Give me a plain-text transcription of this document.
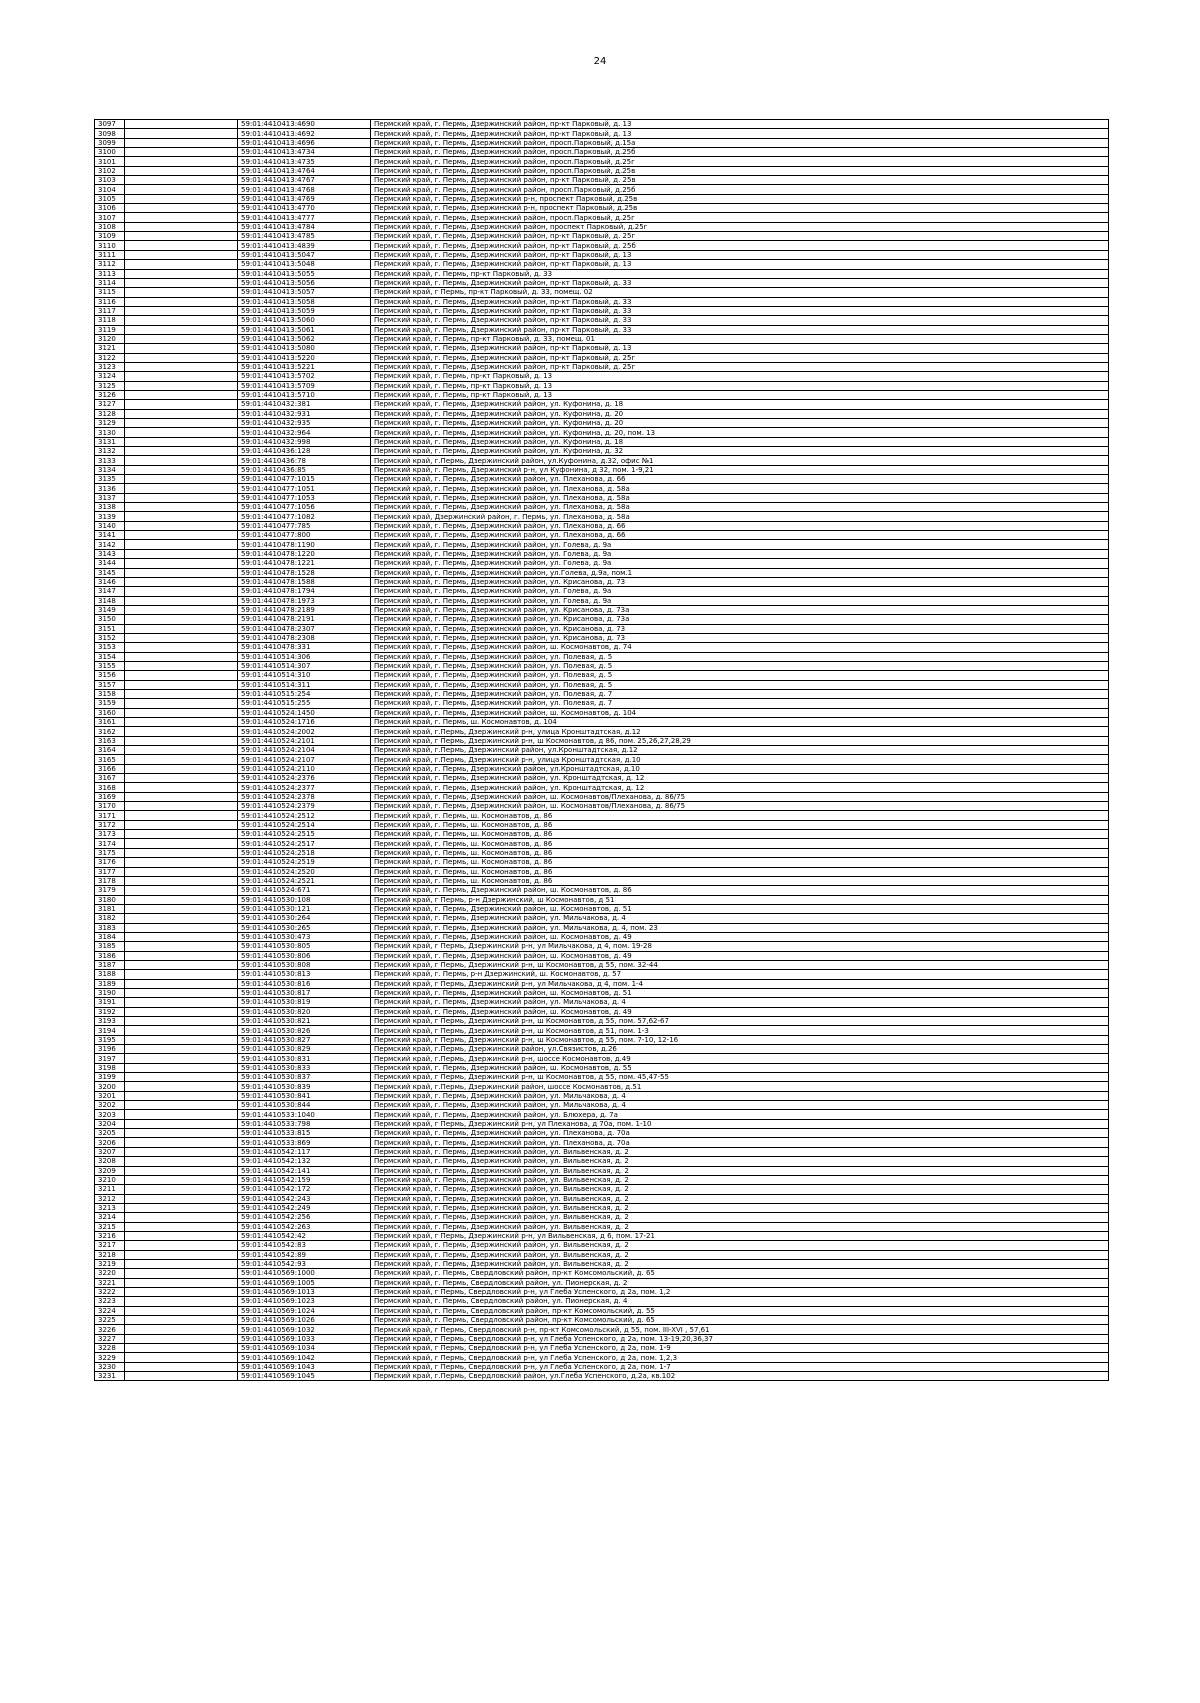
24
3097		59:01:4410413:4690	Пермский край, г. Пермь, Дзержинский район, пр-кт Парковый, д. 13
3098		59:01:4410413:4692	Пермский край, г. Пермь, Дзержинский район, пр-кт Парковый, д. 13
3099		59:01:4410413:4696	Пермский край, г. Пермь, Дзержинский район, просп.Парковый, д.15а
3100		59:01:4410413:4734	Пермский край, г. Пермь, Дзержинский район, просп.Парковый, д.25б
3101		59:01:4410413:4735	Пермский край, г. Пермь, Дзержинский район, просп.Парковый, д.25г
3102		59:01:4410413:4764	Пермский край, г. Пермь, Дзержинский район, просп.Парковый, д.25в
3103		59:01:4410413:4767	Пермский край, г. Пермь, Дзержинский район, пр-кт Парковый, д. 25в
3104		59:01:4410413:4768	Пермский край, г. Пермь, Дзержинский район, просп.Парковый, д.25б
3105		59:01:4410413:4769	Пермский край, г. Пермь, Дзержинский р-н, проспект Парковый, д.25в
3106		59:01:4410413:4770	Пермский край, г. Пермь, Дзержинский р-н, проспект Парковый, д.25в
3107		59:01:4410413:4777	Пермский край, г. Пермь, Дзержинский район, просп.Парковый, д.25г
3108		59:01:4410413:4784	Пермский край, г. Пермь, Дзержинский район, проспект Парковый, д.25г
3109		59:01:4410413:4785	Пермский край, г. Пермь, Дзержинский район, пр-кт Парковый, д. 25г
3110		59:01:4410413:4839	Пермский край, г. Пермь, Дзержинский район, пр-кт Парковый, д. 25б
3111		59:01:4410413:5047	Пермский край, г. Пермь, Дзержинский район, пр-кт Парковый, д. 13
3112		59:01:4410413:5048	Пермский край, г. Пермь, Дзержинский район, пр-кт Парковый, д. 13
3113		59:01:4410413:5055	Пермский край, г. Пермь, пр-кт Парковый, д. 33
3114		59:01:4410413:5056	Пермский край, г. Пермь, Дзержинский район, пр-кт Парковый, д. 33
3115		59:01:4410413:5057	Пермский край, г Пермь, пр-кт Парковый, д. 33, помещ. 02
3116		59:01:4410413:5058	Пермский край, г. Пермь, Дзержинский район, пр-кт Парковый, д. 33
3117		59:01:4410413:5059	Пермский край, г. Пермь, Дзержинский район, пр-кт Парковый, д. 33
3118		59:01:4410413:5060	Пермский край, г. Пермь, Дзержинский район, пр-кт Парковый, д. 33
3119		59:01:4410413:5061	Пермский край, г. Пермь, Дзержинский район, пр-кт Парковый, д. 33
3120		59:01:4410413:5062	Пермский край, г. Пермь, пр-кт Парковый, д. 33, помещ. 01
3121		59:01:4410413:5080	Пермский край, г. Пермь, Дзержинский район, пр-кт Парковый, д. 13
3122		59:01:4410413:5220	Пермский край, г. Пермь, Дзержинский район, пр-кт Парковый, д. 25г
3123		59:01:4410413:5221	Пермский край, г. Пермь, Дзержинский район, пр-кт Парковый, д. 25г
3124		59:01:4410413:5702	Пермский край, г. Пермь, пр-кт Парковый, д. 13
3125		59:01:4410413:5709	Пермский край, г. Пермь, пр-кт Парковый, д. 13
3126		59:01:4410413:5710	Пермский край, г. Пермь, пр-кт Парковый, д. 13
3127		59:01:4410432:381	Пермский край, г. Пермь, Дзержинский район, ул. Куфонина, д. 18
3128		59:01:4410432:931	Пермский край, г. Пермь, Дзержинский район, ул. Куфонина, д. 20
3129		59:01:4410432:935	Пермский край, г. Пермь, Дзержинский район, ул. Куфонина, д. 20
3130		59:01:4410432:964	Пермский край, г. Пермь, Дзержинский район, ул. Куфонина, д. 20, пом. 13
3131		59:01:4410432:998	Пермский край, г. Пермь, Дзержинский район, ул. Куфонина, д. 18
3132		59:01:4410436:128	Пермский край, г. Пермь, Дзержинский район, ул. Куфонина, д. 32
3133		59:01:4410436:78	Пермский край, г.Пермь, Дзержинский район, ул.Куфонина, д.32, офис №1
3134		59:01:4410436:85	Пермский край, г. Пермь, Дзержинский р-н, ул Куфонина, д 32, пом. 1-9,21
3135		59:01:4410477:1015	Пермский край, г. Пермь, Дзержинский район, ул. Плеханова, д. 66
3136		59:01:4410477:1051	Пермский край, г. Пермь, Дзержинский район, ул. Плеханова, д. 58а
3137		59:01:4410477:1053	Пермский край, г. Пермь, Дзержинский район, ул. Плеханова, д. 58а
3138		59:01:4410477:1056	Пермский край, г. Пермь, Дзержинский район, ул. Плеханова, д. 58а
3139		59:01:4410477:1082	Пермский край, Дзержинский район, г. Пермь, ул. Плеханова, д. 58а
3140		59:01:4410477:785	Пермский край, г. Пермь, Дзержинский район, ул. Плеханова, д. 66
3141		59:01:4410477:800	Пермский край, г. Пермь, Дзержинский район, ул. Плеханова, д. 66
3142		59:01:4410478:1190	Пермский край, г. Пермь, Дзержинский район, ул. Голева, д. 9а
3143		59:01:4410478:1220	Пермский край, г. Пермь, Дзержинский район, ул. Голева, д. 9а
3144		59:01:4410478:1221	Пермский край, г. Пермь, Дзержинский район, ул. Голева, д. 9а
3145		59:01:4410478:1528	Пермский край, г. Пермь, Дзержинский район, ул.Голева, д.9а, пом.1
3146		59:01:4410478:1588	Пермский край, г. Пермь, Дзержинский район, ул. Крисанова, д. 73
3147		59:01:4410478:1794	Пермский край, г. Пермь, Дзержинский район, ул. Голева, д. 9а
3148		59:01:4410478:1973	Пермский край, г. Пермь, Дзержинский район, ул. Голева, д. 9а
3149		59:01:4410478:2189	Пермский край, г. Пермь, Дзержинский район, ул. Крисанова, д. 73а
3150		59:01:4410478:2191	Пермский край, г. Пермь, Дзержинский район, ул. Крисанова, д. 73а
3151		59:01:4410478:2307	Пермский край, г. Пермь, Дзержинский район, ул. Крисанова, д. 73
3152		59:01:4410478:2308	Пермский край, г. Пермь, Дзержинский район, ул. Крисанова, д. 73
3153		59:01:4410478:331	Пермский край, г. Пермь, Дзержинский район, ш. Космонавтов, д. 74
3154		59:01:4410514:306	Пермский край, г. Пермь, Дзержинский район, ул. Полевая, д. 5
3155		59:01:4410514:307	Пермский край, г. Пермь, Дзержинский район, ул. Полевая, д. 5
3156		59:01:4410514:310	Пермский край, г. Пермь, Дзержинский район, ул. Полевая, д. 5
3157		59:01:4410514:311	Пермский край, г. Пермь, Дзержинский район, ул. Полевая, д. 5
3158		59:01:4410515:254	Пермский край, г. Пермь, Дзержинский район, ул. Полевая, д. 7
3159		59:01:4410515:255	Пермский край, г. Пермь, Дзержинский район, ул. Полевая, д. 7
3160		59:01:4410524:1450	Пермский край, г. Пермь, Дзержинский район, ш. Космонавтов, д. 104
3161		59:01:4410524:1716	Пермский край, г. Пермь, ш. Космонавтов, д. 104
3162		59:01:4410524:2002	Пермский край, г.Пермь, Дзержинский р-н, улица Кронштадтская, д.12
3163		59:01:4410524:2101	Пермский край, г Пермь, Дзержинский р-н, ш Космонавтов, д 86, пом. 25,26,27,28,29
3164		59:01:4410524:2104	Пермский край, г.Пермь, Дзержинский район, ул.Кронштадтская, д.12
3165		59:01:4410524:2107	Пермский край, г.Пермь, Дзержинский р-н, улица Кронштадтская, д.10
3166		59:01:4410524:2110	Пермский край, г. Пермь, Дзержинский район, ул.Кронштадтская, д.10
3167		59:01:4410524:2376	Пермский край, г. Пермь, Дзержинский район, ул. Кронштадтская, д. 12
3168		59:01:4410524:2377	Пермский край, г. Пермь, Дзержинский район, ул. Кронштадтская, д. 12
3169		59:01:4410524:2378	Пермский край, г. Пермь, Дзержинский район, ш. Космонавтов/Плеханова, д. 86/75
3170		59:01:4410524:2379	Пермский край, г. Пермь, Дзержинский район, ш. Космонавтов/Плеханова, д. 86/75
3171		59:01:4410524:2512	Пермский край, г. Пермь, ш. Космонавтов, д. 86
3172		59:01:4410524:2514	Пермский край, г. Пермь, ш. Космонавтов, д. 86
3173		59:01:4410524:2515	Пермский край, г. Пермь, ш. Космонавтов, д. 86
3174		59:01:4410524:2517	Пермский край, г. Пермь, ш. Космонавтов, д. 86
3175		59:01:4410524:2518	Пермский край, г. Пермь, ш. Космонавтов, д. 86
3176		59:01:4410524:2519	Пермский край, г. Пермь, ш. Космонавтов, д. 86
3177		59:01:4410524:2520	Пермский край, г. Пермь, ш. Космонавтов, д. 86
3178		59:01:4410524:2521	Пермский край, г. Пермь, ш. Космонавтов, д. 86
3179		59:01:4410524:671	Пермский край, г. Пермь, Дзержинский район, ш. Космонавтов, д. 86
3180		59:01:4410530:108	Пермский край, г Пермь, р-н Дзержинский, ш Космонавтов, д 51
3181		59:01:4410530:121	Пермский край, г. Пермь, Дзержинский район, ш. Космонавтов, д. 51
3182		59:01:4410530:264	Пермский край, г. Пермь, Дзержинский район, ул. Мильчакова, д. 4
3183		59:01:4410530:265	Пермский край, г. Пермь, Дзержинский район, ул. Мильчакова, д. 4, пом. 23
3184		59:01:4410530:473	Пермский край, г. Пермь, Дзержинский район, ш. Космонавтов, д. 49
3185		59:01:4410530:805	Пермский край, г Пермь, Дзержинский р-н, ул Мильчакова, д 4, пом. 19-28
3186		59:01:4410530:806	Пермский край, г. Пермь, Дзержинский район, ш. Космонавтов, д. 49
3187		59:01:4410530:808	Пермский край, г Пермь, Дзержинский р-н, ш Космонавтов, д 55, пом. 32-44
3188		59:01:4410530:813	Пермский край, г. Пермь, р-н Дзержинский, ш. Космонавтов, д. 57
3189		59:01:4410530:816	Пермский край, г Пермь, Дзержинский р-н, ул Мильчакова, д 4, пом. 1-4
3190		59:01:4410530:817	Пермский край, г. Пермь, Дзержинский район, ш. Космонавтов, д. 51
3191		59:01:4410530:819	Пермский край, г. Пермь, Дзержинский район, ул. Мильчакова, д. 4
3192		59:01:4410530:820	Пермский край, г. Пермь, Дзержинский район, ш. Космонавтов, д. 49
3193		59:01:4410530:821	Пермский край, г Пермь, Дзержинский р-н, ш Космонавтов, д 55, пом. 57,62-67
3194		59:01:4410530:826	Пермский край, г Пермь, Дзержинский р-н, ш Космонавтов, д 51, пом. 1-3
3195		59:01:4410530:827	Пермский край, г Пермь, Дзержинский р-н, ш Космонавтов, д 55, пом. 7-10, 12-16
3196		59:01:4410530:829	Пермский край, г.Пермь, Дзержинский район, ул.Связистов, д.26
3197		59:01:4410530:831	Пермский край, г.Пермь, Дзержинский р-н, шоссе Космонавтов, д.49
3198		59:01:4410530:833	Пермский край, г. Пермь, Дзержинский район, ш. Космонавтов, д. 55
3199		59:01:4410530:837	Пермский край, г Пермь, Дзержинский р-н, ш Космонавтов, д 55, пом. 45,47-55
3200		59:01:4410530:839	Пермский край, г.Пермь, Дзержинский район, шоссе Космонавтов, д.51
3201		59:01:4410530:841	Пермский край, г. Пермь, Дзержинский район, ул. Мильчакова, д. 4
3202		59:01:4410530:844	Пермский край, г. Пермь, Дзержинский район, ул. Мильчакова, д. 4
3203		59:01:4410533:1040	Пермский край, г. Пермь, Дзержинский район, ул. Блюхера, д. 7а
3204		59:01:4410533:798	Пермский край, г Пермь, Дзержинский р-н, ул Плеханова, д 70а, пом. 1-10
3205		59:01:4410533:815	Пермский край, г. Пермь, Дзержинский район, ул. Плеханова, д. 70а
3206		59:01:4410533:869	Пермский край, г. Пермь, Дзержинский район, ул. Плеханова, д. 70а
3207		59:01:4410542:117	Пермский край, г. Пермь, Дзержинский район, ул. Вильвенская, д. 2
3208		59:01:4410542:132	Пермский край, г. Пермь, Дзержинский район, ул. Вильвенская, д. 2
3209		59:01:4410542:141	Пермский край, г. Пермь, Дзержинский район, ул. Вильвенская, д. 2
3210		59:01:4410542:159	Пермский край, г. Пермь, Дзержинский район, ул. Вильвенская, д. 2
3211		59:01:4410542:172	Пермский край, г. Пермь, Дзержинский район, ул. Вильвенская, д. 2
3212		59:01:4410542:243	Пермский край, г. Пермь, Дзержинский район, ул. Вильвенская, д. 2
3213		59:01:4410542:249	Пермский край, г. Пермь, Дзержинский район, ул. Вильвенская, д. 2
3214		59:01:4410542:256	Пермский край, г. Пермь, Дзержинский район, ул. Вильвенская, д. 2
3215		59:01:4410542:263	Пермский край, г. Пермь, Дзержинский район, ул. Вильвенская, д. 2
3216		59:01:4410542:42	Пермский край, г Пермь, Дзержинский р-н, ул Вильвенская, д 6, пом. 17-21
3217		59:01:4410542:83	Пермский край, г. Пермь, Дзержинский район, ул. Вильвенская, д. 2
3218		59:01:4410542:89	Пермский край, г. Пермь, Дзержинский район, ул. Вильвенская, д. 2
3219		59:01:4410542:93	Пермский край, г. Пермь, Дзержинский район, ул. Вильвенская, д. 2
3220		59:01:4410569:1000	Пермский край, г. Пермь, Свердловский район, пр-кт Комсомольский, д. 65
3221		59:01:4410569:1005	Пермский край, г. Пермь, Свердловский район, ул. Пионерская, д. 2
3222		59:01:4410569:1013	Пермский край, г Пермь, Свердловский р-н, ул Глеба Успенского, д 2а, пом. 1,2
3223		59:01:4410569:1023	Пермский край, г. Пермь, Свердловский район, ул. Пионерская, д. 4
3224		59:01:4410569:1024	Пермский край, г. Пермь, Свердловский район, пр-кт Комсомольский, д. 55
3225		59:01:4410569:1026	Пермский край, г. Пермь, Свердловский район, пр-кт Комсомольский, д. 65
3226		59:01:4410569:1032	Пермский край, г Пермь, Свердловский р-н, пр-кт Комсомольский, д 55, пом. III-XVI , 57,61
3227		59:01:4410569:1033	Пермский край, г Пермь, Свердловский р-н, ул Глеба Успенского, д 2а, пом. 13-19,20,36,37
3228		59:01:4410569:1034	Пермский край, г Пермь, Свердловский р-н, ул Глеба Успенского, д 2а, пом. 1-9
3229		59:01:4410569:1042	Пермский край, г Пермь, Свердловский р-н, ул Глеба Успенского, д 2а, пом. 1,2,3
3230		59:01:4410569:1043	Пермский край, г Пермь, Свердловский р-н, ул Глеба Успенского, д 2а, пом. 1-7
3231		59:01:4410569:1045	Пермский край, г.Пермь, Свердловский район, ул.Глеба Успенского, д.2а, кв.102
